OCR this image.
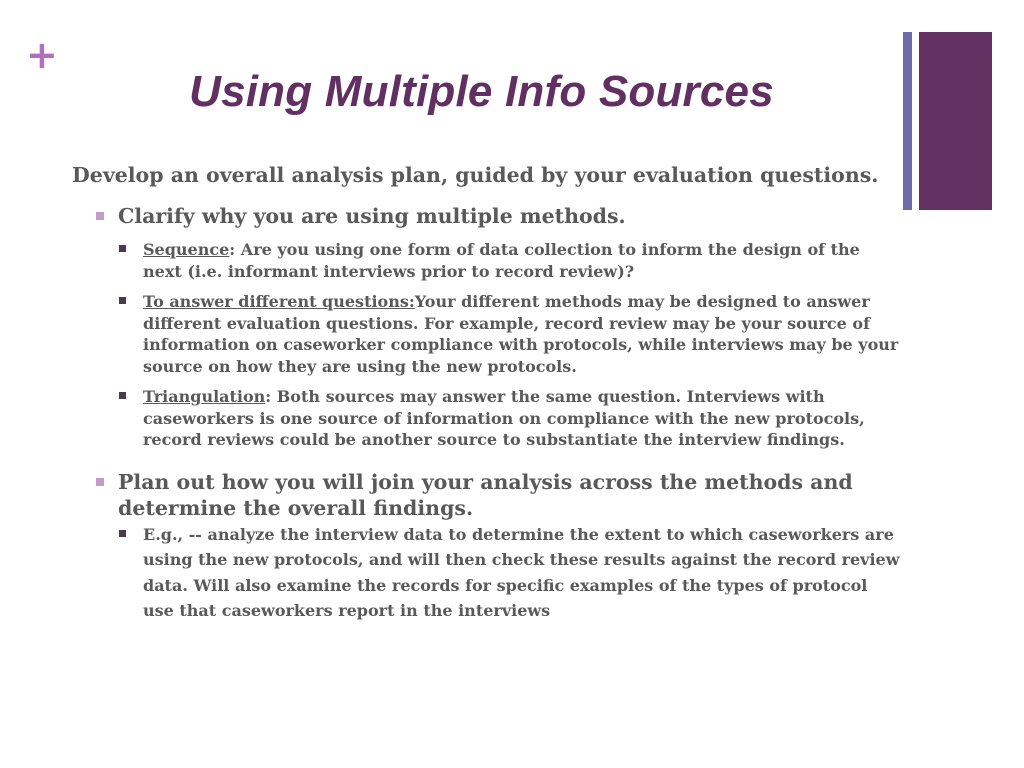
+
Using Multiple Info Sources

Develop an overall analysis plan, guided by your evaluation questions.

Clarify why you are using multiple methods.
Sequence: Are you using one form of data collection to inform the design of the next (i.e. informant interviews prior to record review)?
To answer different questions:Your different methods may be designed to answer different evaluation questions. For example, record review may be your source of information on caseworker compliance with protocols, while interviews may be your source on how they are using the new protocols.
Triangulation: Both sources may answer the same question. Interviews with caseworkers is one source of information on compliance with the new protocols, record reviews could be another source to substantiate the interview findings.
Plan out how you will join your analysis across the methods and determine the overall findings.
E.g., -- analyze the interview data to determine the extent to which caseworkers are using the new protocols, and will then check these results against the record review data. Will also examine the records for specific examples of the types of protocol use that caseworkers report in the interviews
